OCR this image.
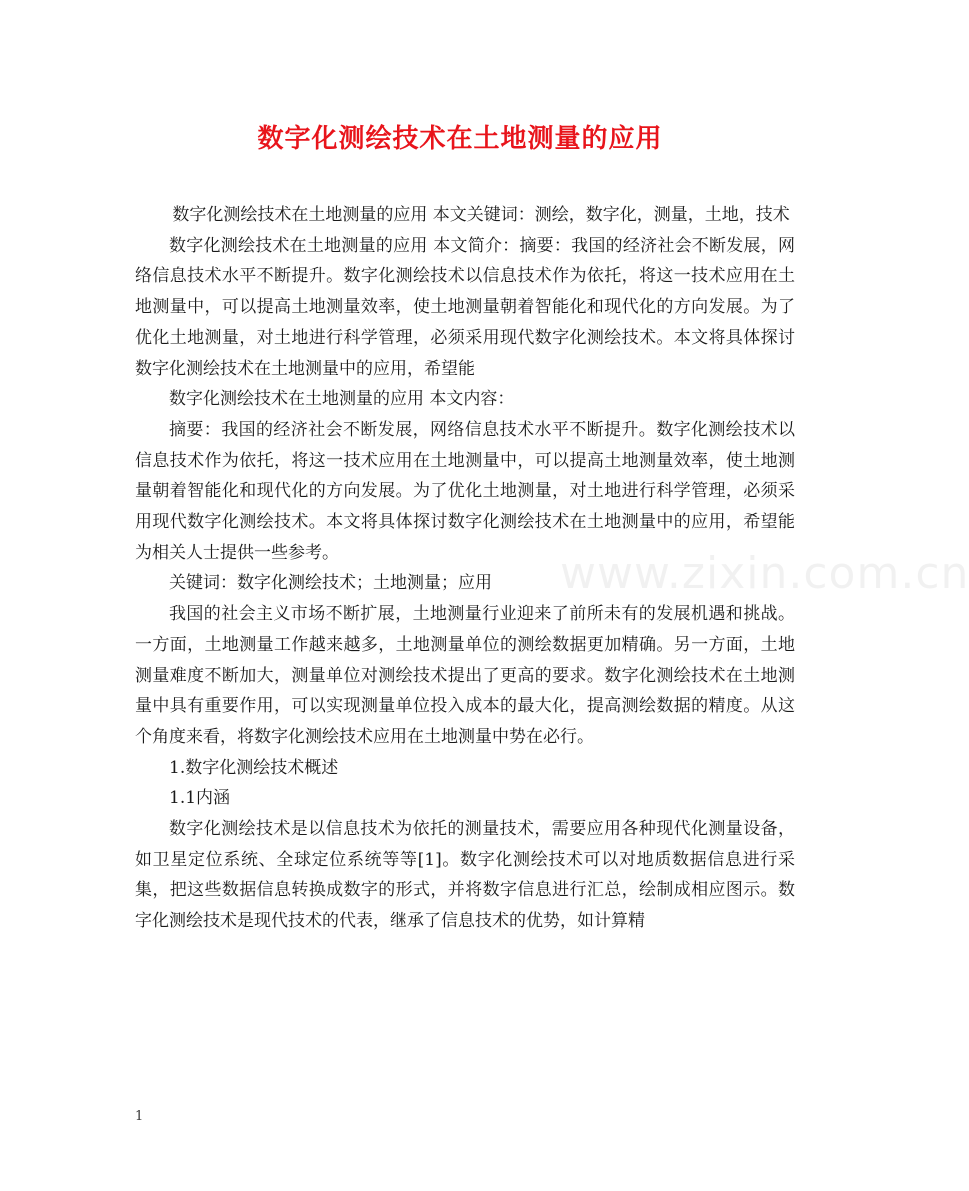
数字化测绘技术在土地测量的应用

数字化测绘技术在土地测量的应用 本文关键词：测绘，数字化，测量，土地，技术

数字化测绘技术在土地测量的应用 本文简介：摘要：我国的经济社会不断发展，网络信息技术水平不断提升。数字化测绘技术以信息技术作为依托，将这一技术应用在土地测量中，可以提高土地测量效率，使土地测量朝着智能化和现代化的方向发展。为了优化土地测量，对土地进行科学管理，必须采用现代数字化测绘技术。本文将具体探讨数字化测绘技术在土地测量中的应用，希望能

数字化测绘技术在土地测量的应用 本文内容：

摘要：我国的经济社会不断发展，网络信息技术水平不断提升。数字化测绘技术以信息技术作为依托，将这一技术应用在土地测量中，可以提高土地测量效率，使土地测量朝着智能化和现代化的方向发展。为了优化土地测量，对土地进行科学管理，必须采用现代数字化测绘技术。本文将具体探讨数字化测绘技术在土地测量中的应用，希望能为相关人士提供一些参考。

关键词：数字化测绘技术；土地测量；应用

我国的社会主义市场不断扩展，土地测量行业迎来了前所未有的发展机遇和挑战。一方面，土地测量工作越来越多，土地测量单位的测绘数据更加精确。另一方面，土地测量难度不断加大，测量单位对测绘技术提出了更高的要求。数字化测绘技术在土地测量中具有重要作用，可以实现测量单位投入成本的最大化，提高测绘数据的精度。从这个角度来看，将数字化测绘技术应用在土地测量中势在必行。

1.数字化测绘技术概述

1.1内涵

数字化测绘技术是以信息技术为依托的测量技术，需要应用各种现代化测量设备，如卫星定位系统、全球定位系统等等[1]。数字化测绘技术可以对地质数据信息进行采集，把这些数据信息转换成数字的形式，并将数字信息进行汇总，绘制成相应图示。数字化测绘技术是现代技术的代表，继承了信息技术的优势，如计算精

www.zixin.com.cn
1
